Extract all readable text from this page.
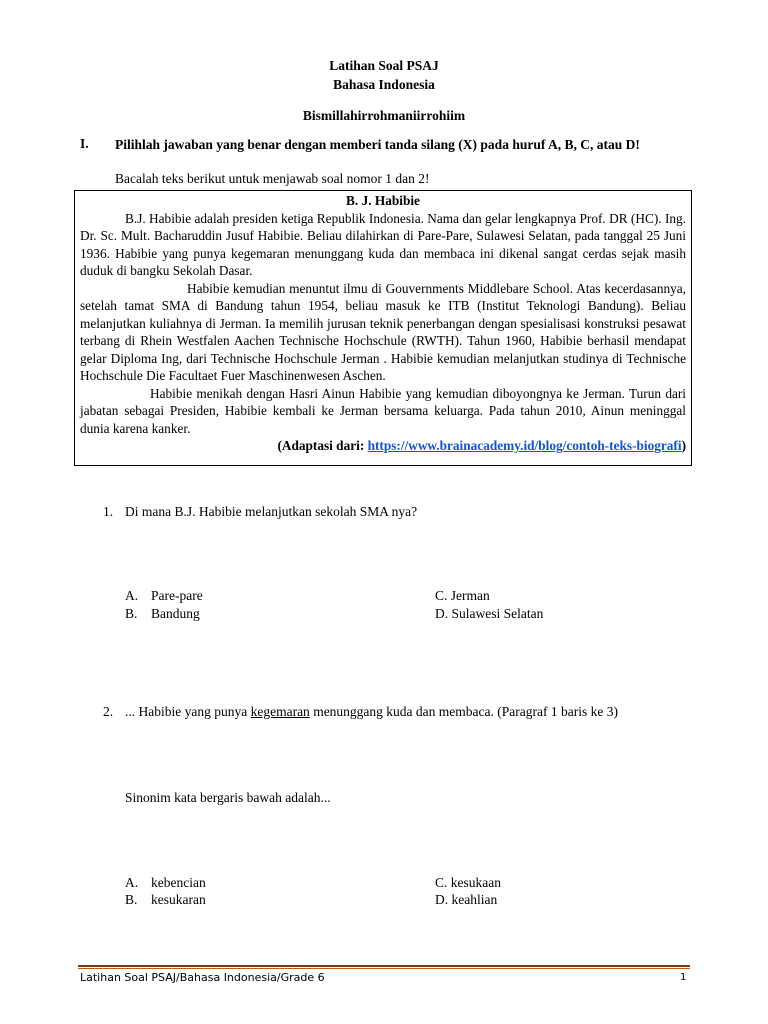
Latihan Soal PSAJ
Bahasa Indonesia
Bismillahirrohmaniirrohiim
I. Pilihlah jawaban yang benar dengan memberi tanda silang (X) pada huruf A, B, C, atau D!
Bacalah teks berikut untuk menjawab soal nomor 1 dan 2!
B. J. Habibie

B.J. Habibie adalah presiden ketiga Republik Indonesia. Nama dan gelar lengkapnya Prof. DR (HC). Ing. Dr. Sc. Mult. Bacharuddin Jusuf Habibie. Beliau dilahirkan di Pare-Pare, Sulawesi Selatan, pada tanggal 25 Juni 1936. Habibie yang punya kegemaran menunggang kuda dan membaca ini dikenal sangat cerdas sejak masih duduk di bangku Sekolah Dasar.

Habibie kemudian menuntut ilmu di Gouvernments Middlebare School. Atas kecerdasannya, setelah tamat SMA di Bandung tahun 1954, beliau masuk ke ITB (Institut Teknologi Bandung). Beliau melanjutkan kuliahnya di Jerman. Ia memilih jurusan teknik penerbangan dengan spesialisasi konstruksi pesawat terbang di Rhein Westfalen Aachen Technische Hochschule (RWTH). Tahun 1960, Habibie berhasil mendapat gelar Diploma Ing, dari Technische Hochschule Jerman . Habibie kemudian melanjutkan studinya di Technische Hochschule Die Facultaet Fuer Maschinenwesen Aschen.

Habibie menikah dengan Hasri Ainun Habibie yang kemudian diboyongnya ke Jerman. Turun dari jabatan sebagai Presiden, Habibie kembali ke Jerman bersama keluarga. Pada tahun 2010, Ainun meninggal dunia karena kanker.

(Adaptasi dari: https://www.brainacademy.id/blog/contoh-teks-biografi)
1. Di mana B.J. Habibie melanjutkan sekolah SMA nya?
A. Pare-pare
B. Bandung
C. Jerman
D. Sulawesi Selatan
2. ... Habibie yang punya kegemaran menunggang kuda dan membaca. (Paragraf 1 baris ke 3)
Sinonim kata bergaris bawah adalah...
A. kebencian
B. kesukaran
C. kesukaan
D. keahlian
Latihan Soal PSAJ/Bahasa Indonesia/Grade 6	1
